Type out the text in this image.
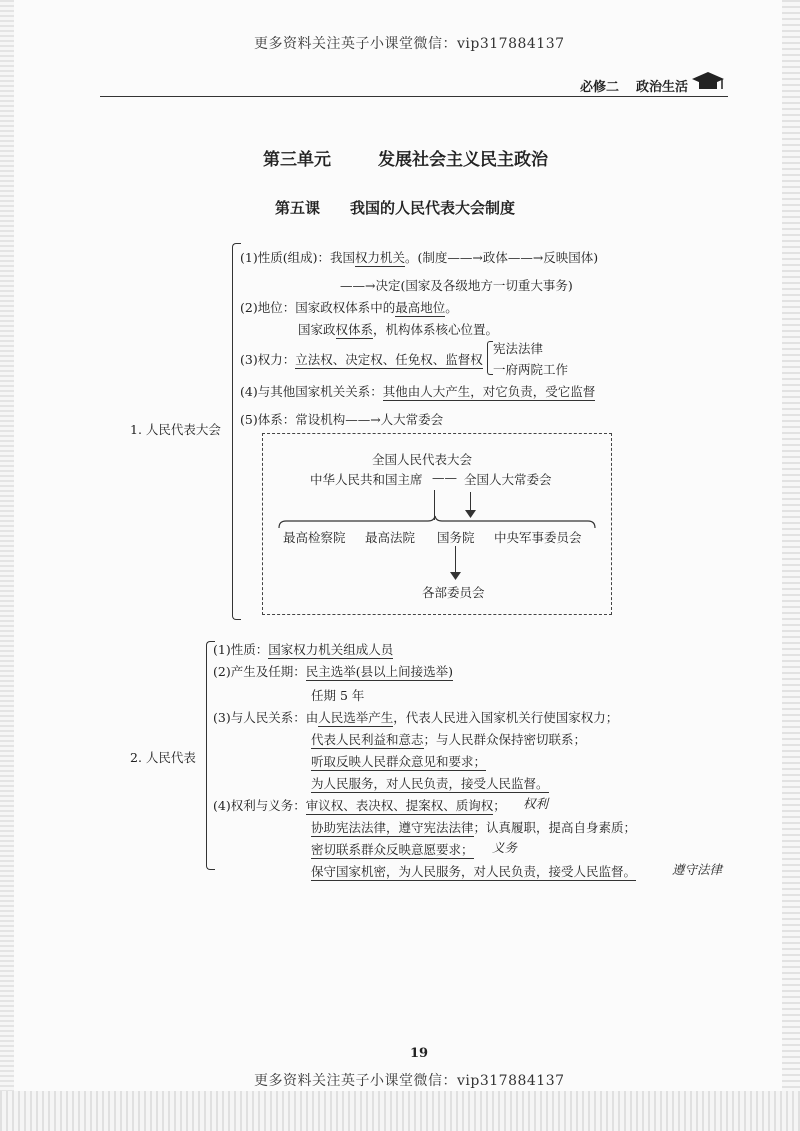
更多资料关注英子小课堂微信：vip317884137
必修二 政治生活
第三单元	发展社会主义民主政治
第五课 我国的人民代表大会制度
1. 人民代表大会
(1)性质(组成)：我国权力机关。(制度——→政体——→反映国体)
——→决定(国家及各级地方一切重大事务)
(2)地位：国家政权体系中的最高地位。
国家政权体系，机构体系核心位置。
(3)权力：立法权、决定权、任免权、监督权
宪法法律
一府两院工作
(4)与其他国家机关关系：其他由人大产生，对它负责，受它监督
(5)体系：常设机构——→人大常委会
全国人民代表大会
中华人民共和国主席 —— 全国人大常委会
最高检察院 最高法院 国务院 中央军事委员会
各部委员会
2. 人民代表
(1)性质：国家权力机关组成人员
(2)产生及任期：民主选举(县以上间接选举)
任期 5 年
(3)与人民关系：由人民选举产生，代表人民进入国家机关行使国家权力；
代表人民利益和意志；与人民群众保持密切联系；
听取反映人民群众意见和要求；
为人民服务，对人民负责，接受人民监督。
(4)权利与义务：审议权、表决权、提案权、质询权； 权利
协助宪法法律，遵守宪法法律；认真履职，提高自身素质；
密切联系群众反映意愿要求； 义务
保守国家机密，为人民服务，对人民负责，接受人民监督。	遵守法律
19
更多资料关注英子小课堂微信：vip317884137
